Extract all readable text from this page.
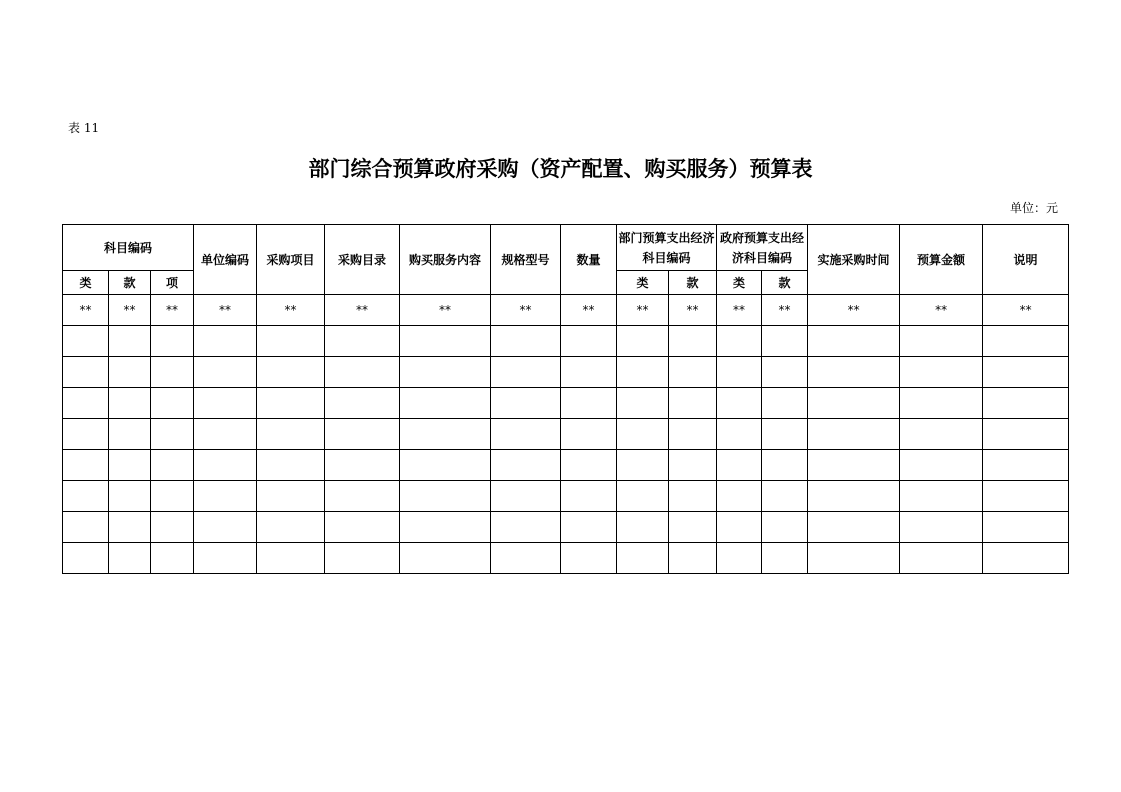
表 11
部门综合预算政府采购（资产配置、购买服务）预算表
单位：元
科目编码			单位编码	采购项目	采购目录	购买服务内容	规格型号	数量	部门预算支出经济科目编码		政府预算支出经济科目编码		实施采购时间	预算金额	说明
类	款	项							类	款	类	款			
**	**	**	**	**	**	**	**	**	**	**	**	**	**	**	**
